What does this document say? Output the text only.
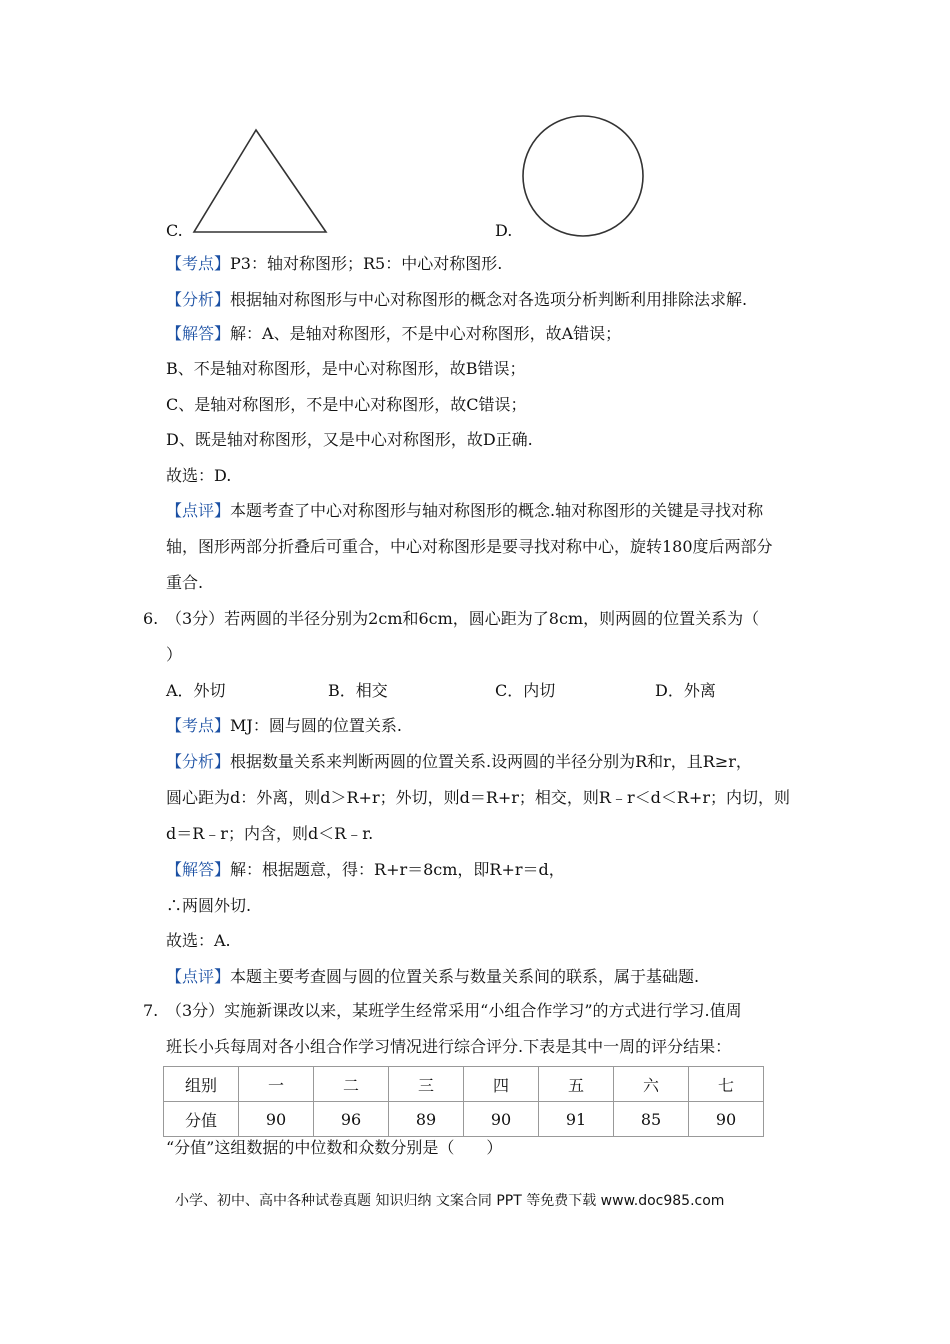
C.	D.
【考点】P3：轴对称图形；R5：中心对称图形.
【分析】根据轴对称图形与中心对称图形的概念对各选项分析判断利用排除法求解.
【解答】解：A、是轴对称图形，不是中心对称图形，故A错误；
B、不是轴对称图形，是中心对称图形，故B错误；
C、是轴对称图形，不是中心对称图形，故C错误；
D、既是轴对称图形，又是中心对称图形，故D正确.
故选：D.
【点评】本题考查了中心对称图形与轴对称图形的概念.轴对称图形的关键是寻找对称
轴，图形两部分折叠后可重合，中心对称图形是要寻找对称中心，旋转180度后两部分
重合.
6. （3分）若两圆的半径分别为2cm和6cm，圆心距为了8cm，则两圆的位置关系为（
）
A．外切	B．相交	C．内切	D．外离
【考点】MJ：圆与圆的位置关系.
【分析】根据数量关系来判断两圆的位置关系.设两圆的半径分别为R和r，且R≥r，
圆心距为d：外离，则d＞R+r；外切，则d＝R+r；相交，则R﹣r＜d＜R+r；内切，则
d＝R﹣r；内含，则d＜R﹣r.
【解答】解：根据题意，得：R+r＝8cm，即R+r＝d，
∴两圆外切.
故选：A.
【点评】本题主要考查圆与圆的位置关系与数量关系间的联系，属于基础题.
7. （3分）实施新课改以来，某班学生经常采用“小组合作学习”的方式进行学习.值周
班长小兵每周对各小组合作学习情况进行综合评分.下表是其中一周的评分结果：
组别	一	二	三	四	五	六	七
分值	90	96	89	90	91	85	90
“分值”这组数据的中位数和众数分别是（　　）
小学、初中、高中各种试卷真题 知识归纳 文案合同 PPT 等免费下载 www.doc985.com
